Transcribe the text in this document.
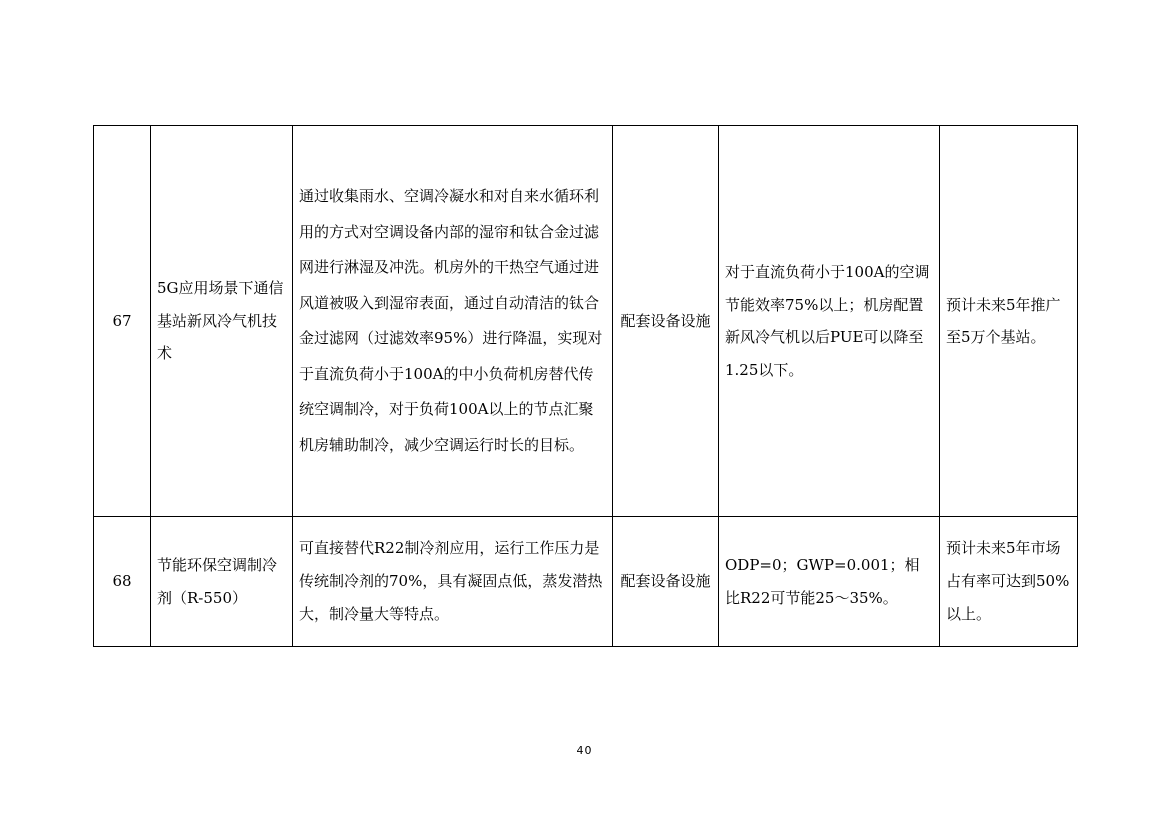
67	5G应用场景下通信基站新风冷气机技术	通过收集雨水、空调冷凝水和对自来水循环利用的方式对空调设备内部的湿帘和钛合金过滤网进行淋湿及冲洗。机房外的干热空气通过进风道被吸入到湿帘表面，通过自动清洁的钛合金过滤网（过滤效率95%）进行降温，实现对于直流负荷小于100A的中小负荷机房替代传统空调制冷，对于负荷100A以上的节点汇聚机房辅助制冷，减少空调运行时长的目标。	配套设备设施	对于直流负荷小于100A的空调节能效率75%以上；机房配置新风冷气机以后PUE可以降至1.25以下。	预计未来5年推广至5万个基站。
68	节能环保空调制冷剂（R-550）	可直接替代R22制冷剂应用，运行工作压力是传统制冷剂的70%，具有凝固点低，蒸发潜热大，制冷量大等特点。	配套设备设施	ODP=0；GWP=0.001；相比R22可节能25～35%。	预计未来5年市场占有率可达到50%以上。
40
